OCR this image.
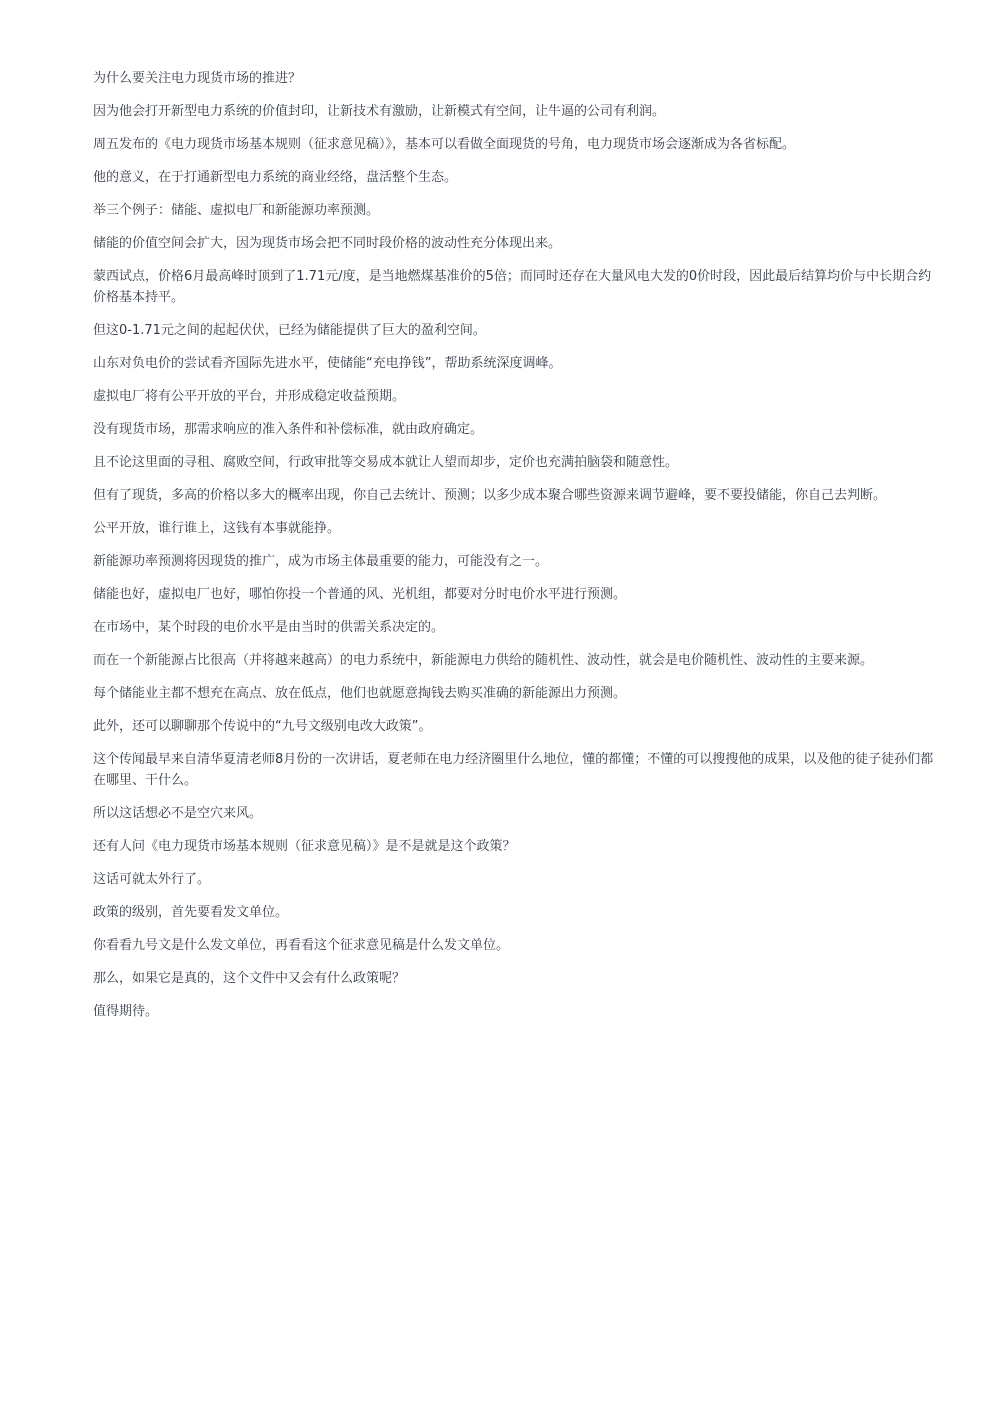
为什么要关注电力现货市场的推进？

因为他会打开新型电力系统的价值封印，让新技术有激励，让新模式有空间，让牛逼的公司有利润。

周五发布的《电力现货市场基本规则（征求意见稿）》，基本可以看做全面现货的号角，电力现货市场会逐渐成为各省标配。

他的意义，在于打通新型电力系统的商业经络，盘活整个生态。

举三个例子：储能、虚拟电厂和新能源功率预测。

储能的价值空间会扩大，因为现货市场会把不同时段价格的波动性充分体现出来。

蒙西试点，价格6月最高峰时顶到了1.71元/度，是当地燃煤基准价的5倍；而同时还存在大量风电大发的0价时段，因此最后结算均价与中长期合约价格基本持平。

但这0-1.71元之间的起起伏伏，已经为储能提供了巨大的盈利空间。

山东对负电价的尝试看齐国际先进水平，使储能“充电挣钱”，帮助系统深度调峰。

虚拟电厂将有公平开放的平台，并形成稳定收益预期。

没有现货市场，那需求响应的准入条件和补偿标准，就由政府确定。

且不论这里面的寻租、腐败空间，行政审批等交易成本就让人望而却步，定价也充满拍脑袋和随意性。

但有了现货，多高的价格以多大的概率出现，你自己去统计、预测；以多少成本聚合哪些资源来调节避峰，要不要投储能，你自己去判断。

公平开放，谁行谁上，这钱有本事就能挣。

新能源功率预测将因现货的推广，成为市场主体最重要的能力，可能没有之一。

储能也好，虚拟电厂也好，哪怕你投一个普通的风、光机组，都要对分时电价水平进行预测。

在市场中，某个时段的电价水平是由当时的供需关系决定的。

而在一个新能源占比很高（并将越来越高）的电力系统中，新能源电力供给的随机性、波动性，就会是电价随机性、波动性的主要来源。

每个储能业主都不想充在高点、放在低点，他们也就愿意掏钱去购买准确的新能源出力预测。

此外，还可以聊聊那个传说中的“九号文级别电改大政策”。

这个传闻最早来自清华夏清老师8月份的一次讲话，夏老师在电力经济圈里什么地位，懂的都懂；不懂的可以搜搜他的成果，以及他的徒子徒孙们都在哪里、干什么。

所以这话想必不是空穴来风。

还有人问《电力现货市场基本规则（征求意见稿）》是不是就是这个政策？

这话可就太外行了。

政策的级别，首先要看发文单位。

你看看九号文是什么发文单位，再看看这个征求意见稿是什么发文单位。

那么，如果它是真的，这个文件中又会有什么政策呢？

值得期待。
